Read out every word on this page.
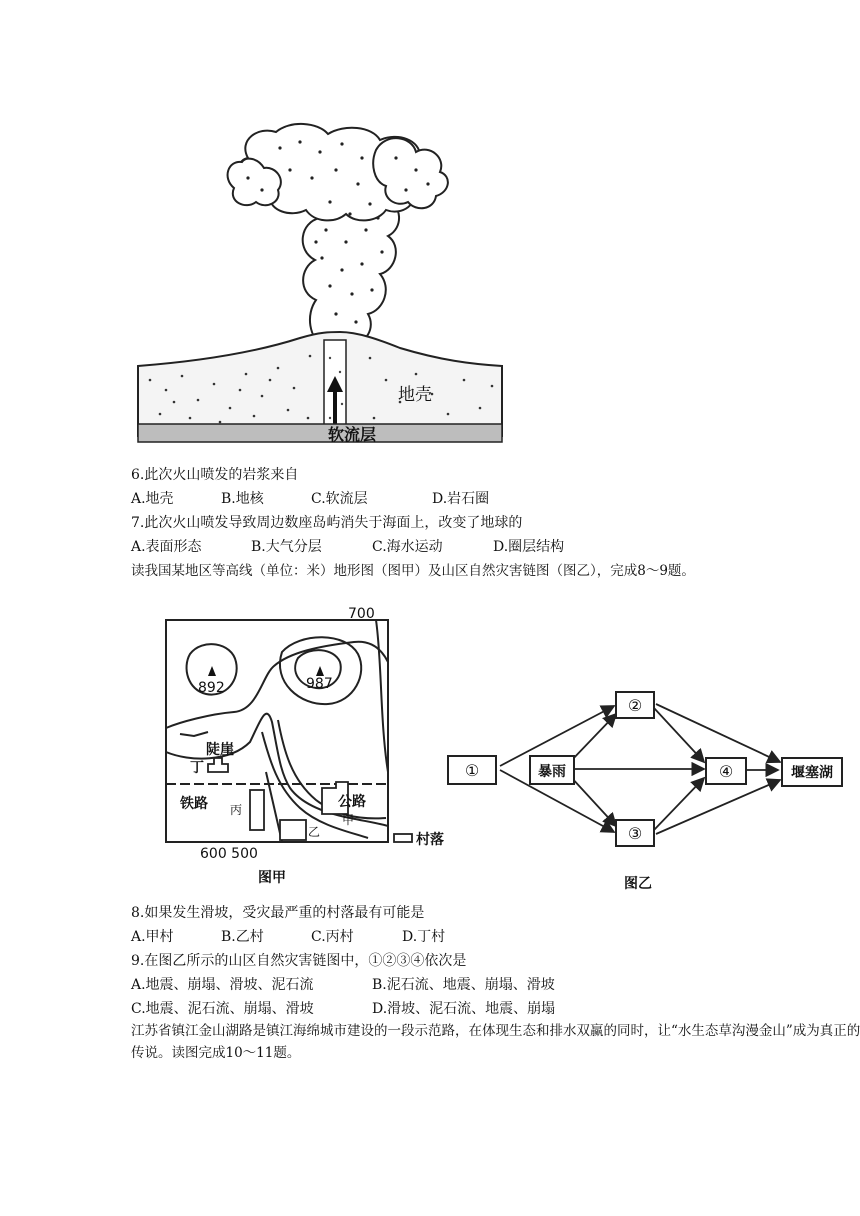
地壳
软流层
6.此次火山喷发的岩浆来自
A.地壳	B.地核	C.软流层	D.岩石圈
7.此次火山喷发导致周边数座岛屿消失于海面上，改变了地球的
A.表面形态	B.大气分层	C.海水运动	D.圈层结构
读我国某地区等高线（单位：米）地形图（图甲）及山区自然灾害链图（图乙），完成8～9题。
700
892	987
陡崖
丁
铁路 丙
乙
公路
甲
600 500
村落
图甲
①	暴雨
②
③
④	堰塞湖
图乙
8.如果发生滑坡，受灾最严重的村落最有可能是
A.甲村	B.乙村	C.丙村	D.丁村
9.在图乙所示的山区自然灾害链图中，①②③④依次是
A.地震、崩塌、滑坡、泥石流	B.泥石流、地震、崩塌、滑坡
C.地震、泥石流、崩塌、滑坡	D.滑坡、泥石流、地震、崩塌
江苏省镇江金山湖路是镇江海绵城市建设的一段示范路，在体现生态和排水双赢的同时，让“水生态草沟漫金山”成为真正的传说。读图完成10～11题。
